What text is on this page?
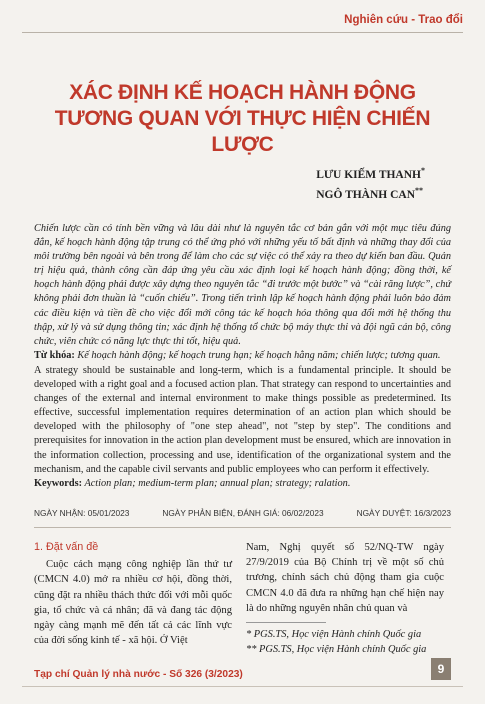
Nghiên cứu - Trao đổi
XÁC ĐỊNH KẾ HOẠCH HÀNH ĐỘNG
TƯƠNG QUAN VỚI THỰC HIỆN CHIẾN LƯỢC
LƯU KIẾM THANH*
NGÔ THÀNH CAN**

Chiến lược cần có tính bền vững và lâu dài như là nguyên tắc cơ bản gắn với một mục tiêu đúng đắn, kế hoạch hành động tập trung có thể ứng phó với những yếu tố bất định và những thay đổi của môi trường bên ngoài và bên trong để làm cho các sự việc có thể xảy ra theo dự kiến ban đầu. Quản trị hiệu quả, thành công cần đáp ứng yêu cầu xác định loại kế hoạch hành động; đồng thời, kế hoạch hành động phải được xây dựng theo nguyên tắc “đi trước một bước” và “cài răng lược”, chứ không phải đơn thuần là “cuốn chiếu”. Trong tiến trình lập kế hoạch hành động phải luôn bảo đảm các điều kiện và tiền đề cho việc đổi mới công tác kế hoạch hóa thông qua đổi mới hệ thống thu thập, xử lý và sử dụng thông tin; xác định hệ thống tổ chức bộ máy thực thi và đội ngũ cán bộ, công chức, viên chức có năng lực thực thi tốt, hiệu quả.

Từ khóa: Kế hoạch hành động; kế hoạch trung hạn; kế hoạch hằng năm; chiến lược; tương quan.

A strategy should be sustainable and long-term, which is a fundamental principle. It should be developed with a right goal and a focused action plan. That strategy can respond to uncertainties and changes of the external and internal environment to make things possible as predetermined. Its effective, successful implementation requires determination of an action plan which should be developed with the philosophy of "one step ahead", not "step by step". The conditions and prerequisites for innovation in the action plan development must be ensured, which are innovation in the information collection, processing and use, identification of the organizational system and the mechanism, and the capable civil servants and public employees who can perform it effectively.

Keywords: Action plan; medium-term plan; annual plan; strategy; ralation.

NGÀY NHẬN: 05/01/2023	NGÀY PHẢN BIỆN, ĐÁNH GIÁ: 06/02/2023	NGÀY DUYỆT: 16/3/2023

1. Đặt vấn đề

Cuộc cách mạng công nghiệp lần thứ tư (CMCN 4.0) mở ra nhiều cơ hội, đồng thời, cũng đặt ra nhiều thách thức đối với mỗi quốc gia, tổ chức và cá nhân; đã và đang tác động ngày càng mạnh mẽ đến tất cả các lĩnh vực của đời sống kinh tế - xã hội. Ở Việt

Nam, Nghị quyết số 52/NQ-TW ngày 27/9/2019 của Bộ Chính trị về một số chủ trương, chính sách chủ động tham gia cuộc CMCN 4.0 đã đưa ra những hạn chế hiện nay là do những nguyên nhân chủ quan và

* PGS.TS, Học viện Hành chính Quốc gia

** PGS.TS, Học viện Hành chính Quốc gia

Tạp chí Quản lý nhà nước - Số 326 (3/2023)	9
